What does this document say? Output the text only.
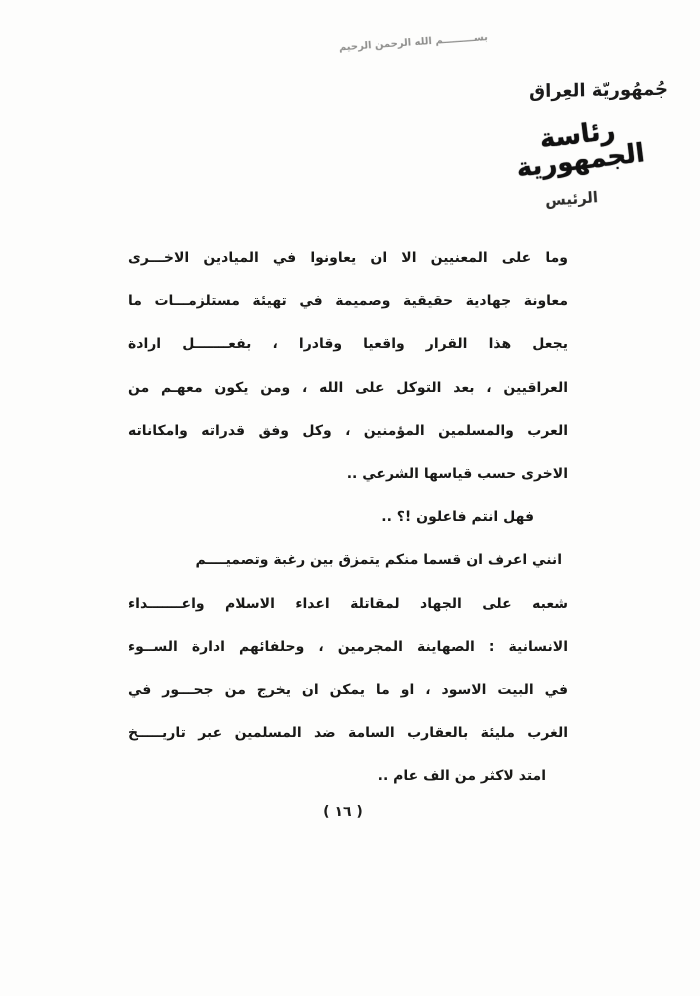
بســـــــــم الله الرحمن الرحيم
جُمهُوريّة العِراق
رئاسة الجمهورية
الرئيس
وما على المعنيين الا ان يعاونوا في الميادين الاخـــرى
معاونة جهادية حقيقية وصميمة في تهيئة مستلزمـــات ما
يجعل هذا القرار واقعيا وقادرا ، بفعـــــــل ارادة
العراقيين ، بعد التوكل على الله ، ومن يكون معهـم من
العرب والمسلمين المؤمنين ، وكل وفق قدراته وامكاناته
الاخرى حسب قياسها الشرعي ..
فهل انتم فاعلون !؟ ..
انني اعرف ان قسما منكم يتمزق بين رغبة وتصميــــم
شعبه على الجهاد لمقاتلة اعداء الاسلام واعـــــــداء
الانسانية : الصهاينة المجرمين ، وحلفائهم ادارة الســوء
في البيت الاسود ، او ما يمكن ان يخرج من جحـــور في
الغرب مليئة بالعقارب السامة ضد المسلمين عبر تاريـــــخ
امتد لاكثر من الف عام ..
( ١٦ )
